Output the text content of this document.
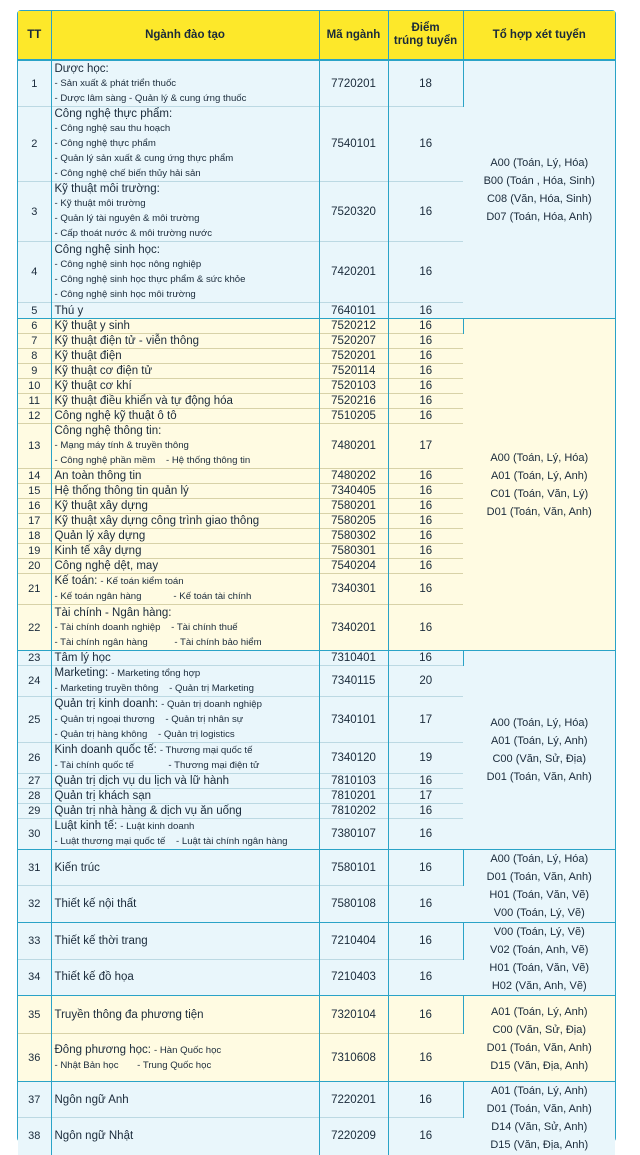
TT	Ngành đào tạo	Mã ngành	Điểm
trúng tuyển	Tổ hợp xét tuyển
1	Dược học:
- Sản xuất & phát triển thuốc
- Dược lâm sàng - Quản lý & cung ứng thuốc	7720201	18	A00 (Toán, Lý, Hóa)
B00 (Toán , Hóa, Sinh)
C08 (Văn, Hóa, Sinh)
D07 (Toán, Hóa, Anh)

2	Công nghệ thực phẩm:
- Công nghệ sau thu hoạch
- Công nghệ thực phẩm
- Quản lý sản xuất & cung ứng thực phẩm
- Công nghệ chế biến thủy hải sản	7540101	16	
3	Kỹ thuật môi trường:
- Kỹ thuật môi trường
- Quản lý tài nguyên & môi trường
- Cấp thoát nước & môi trường nước	7520320	16	
4	Công nghệ sinh học:
- Công nghệ sinh học nông nghiệp
- Công nghệ sinh học thực phẩm & sức khỏe
- Công nghệ sinh học môi trường	7420201	16	
5	Thú y	7640101	16	
6	Kỹ thuật y sinh	7520212	16	A00 (Toán, Lý, Hóa)
A01 (Toán, Lý, Anh)
C01 (Toán, Văn, Lý)
D01 (Toán, Văn, Anh)

7	Kỹ thuật điện tử - viễn thông	7520207	16	
8	Kỹ thuật điện	7520201	16	
9	Kỹ thuật cơ điện tử	7520114	16	
10	Kỹ thuật cơ khí	7520103	16	
11	Kỹ thuật điều khiển và tự động hóa	7520216	16	
12	Công nghệ kỹ thuật ô tô	7510205	16	
13	Công nghệ thông tin:
- Mạng máy tính & truyền thông
- Công nghệ phần mềm    - Hệ thống thông tin	7480201	17	
14	An toàn thông tin	7480202	16	
15	Hệ thống thông tin quản lý	7340405	16	
16	Kỹ thuật xây dựng	7580201	16	
17	Kỹ thuật xây dựng công trình giao thông	7580205	16	
18	Quản lý xây dựng	7580302	16	
19	Kinh tế xây dựng	7580301	16	
20	Công nghệ dệt, may	7540204	16	
21	Kế toán: - Kế toán kiểm toán
- Kế toán ngân hàng            - Kế toán tài chính	7340301	16	
22	Tài chính - Ngân hàng:
- Tài chính doanh nghiệp    - Tài chính thuế
- Tài chính ngân hàng          - Tài chính bảo hiểm	7340201	16	
23	Tâm lý học	7310401	16	A00 (Toán, Lý, Hóa)
A01 (Toán, Lý, Anh)
C00 (Văn, Sử, Địa)
D01 (Toán, Văn, Anh)

24	Marketing: - Marketing tổng hợp
- Marketing truyền thông    - Quản trị Marketing	7340115	20	
25	Quản trị kinh doanh: - Quản trị doanh nghiệp
- Quản trị ngoại thương    - Quản trị nhân sự
- Quản trị hàng không    - Quản trị logistics	7340101	17	
26	Kinh doanh quốc tế: - Thương mại quốc tế
- Tài chính quốc tế             - Thương mại điện tử	7340120	19	
27	Quản trị dịch vụ du lịch và lữ hành	7810103	16	
28	Quản trị khách sạn	7810201	17	
29	Quản trị nhà hàng & dịch vụ ăn uống	7810202	16	
30	Luật kinh tế: - Luật kinh doanh
- Luật thương mại quốc tế    - Luật tài chính ngân hàng	7380107	16	
31	Kiến trúc	7580101	16	A00 (Toán, Lý, Hóa)
D01 (Toán, Văn, Anh)
H01 (Toán, Văn, Vẽ)
V00 (Toán, Lý, Vẽ)

32	Thiết kế nội thất	7580108	16	
33	Thiết kế thời trang	7210404	16	V00 (Toán, Lý, Vẽ)
V02 (Toán, Anh, Vẽ)
H01 (Toán, Văn, Vẽ)
H02 (Văn, Anh, Vẽ)

34	Thiết kế đồ họa	7210403	16	
35	Truyền thông đa phương tiện	7320104	16	A01 (Toán, Lý, Anh)
C00 (Văn, Sử, Địa)
D01 (Toán, Văn, Anh)
D15 (Văn, Địa, Anh)

36	Đông phương học: - Hàn Quốc học
- Nhật Bản học       - Trung Quốc học	7310608	16	
37	Ngôn ngữ Anh	7220201	16	A01 (Toán, Lý, Anh)
D01 (Toán, Văn, Anh)
D14 (Văn, Sử, Anh)
D15 (Văn, Địa, Anh)

38	Ngôn ngữ Nhật	7220209	16	
